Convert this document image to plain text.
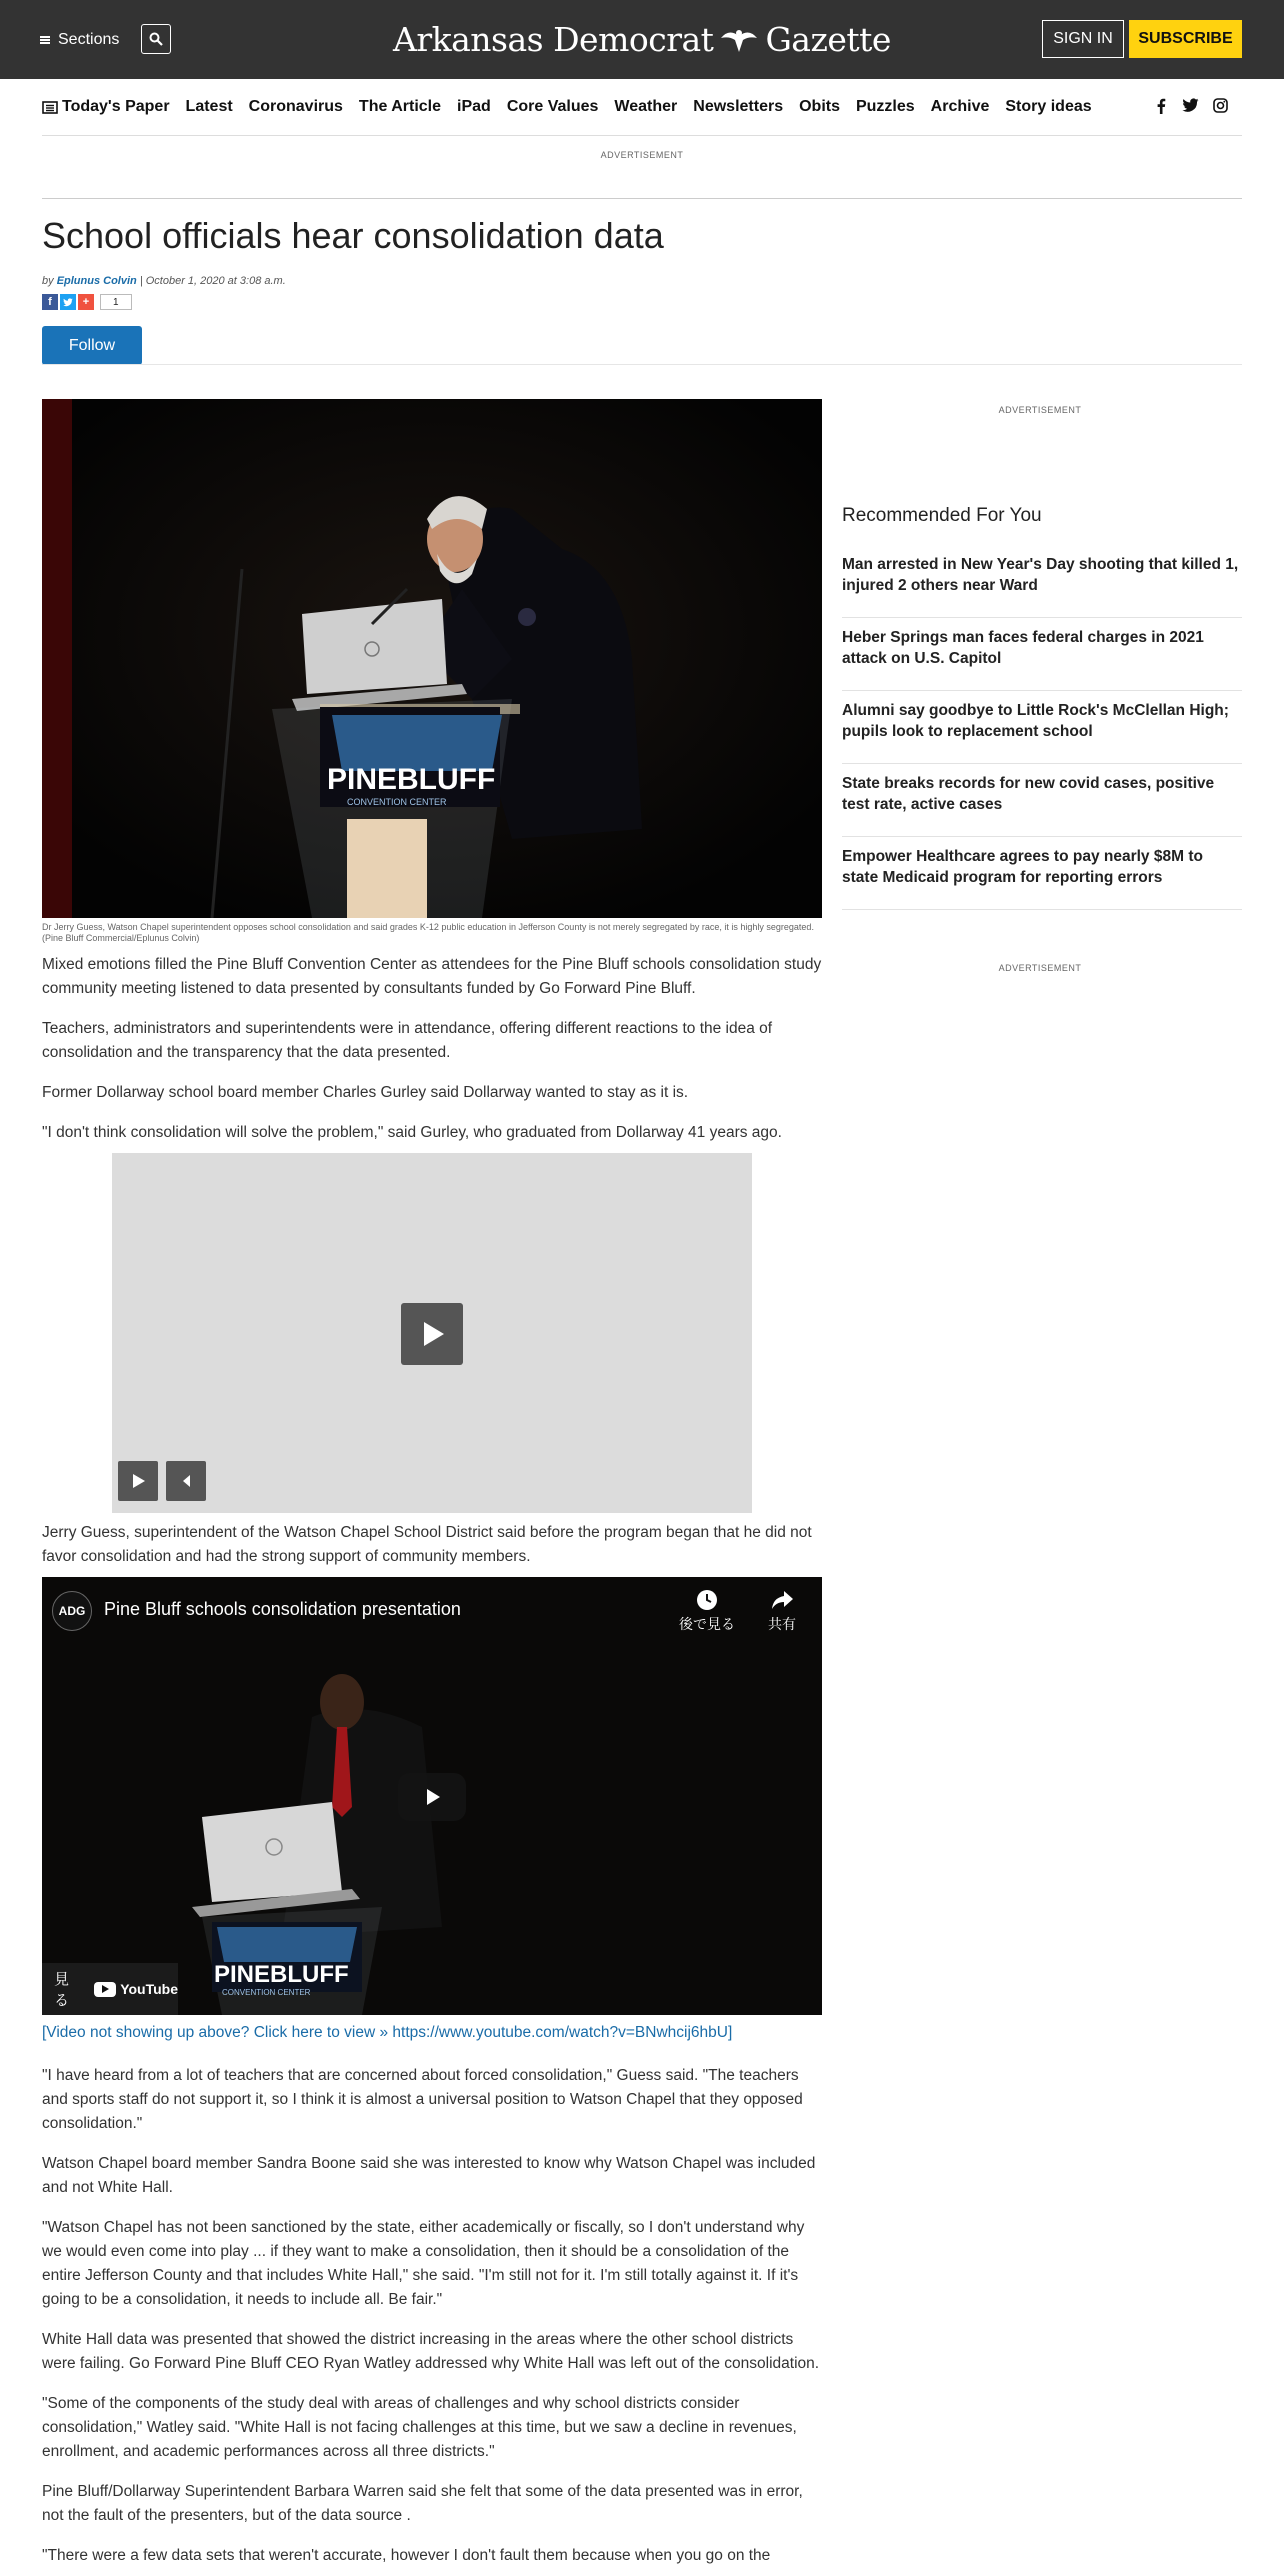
Sections	Arkansas Democrat Gazette	SIGN IN	SUBSCRIBE
Today's Paper Latest Coronavirus The Article iPad Core Values Weather Newsletters Obits Puzzles Archive Story ideas
ADVERTISEMENT
School officials hear consolidation data
by Eplunus Colvin | October 1, 2020 at 3:08 a.m.
f	+	1
Follow
PINEBLUFF
CONVENTION CENTER
Dr Jerry Guess, Watson Chapel superintendent opposes school consolidation and said grades K-12 public education in Jefferson County is not merely segregated by race, it is highly segregated. (Pine Bluff Commercial/Eplunus Colvin)

Mixed emotions filled the Pine Bluff Convention Center as attendees for the Pine Bluff schools consolidation study community meeting listened to data presented by consultants funded by Go Forward Pine Bluff.

Teachers, administrators and superintendents were in attendance, offering different reactions to the idea of consolidation and the transparency that the data presented.

Former Dollarway school board member Charles Gurley said Dollarway wanted to stay as it is.

"I don't think consolidation will solve the problem," said Gurley, who graduated from Dollarway 41 years ago.

Jerry Guess, superintendent of the Watson Chapel School District said before the program began that he did not favor consolidation and had the strong support of community members.

PINEBLUFF
CONVENTION CENTER
ADG	Pine Bluff schools consolidation presentation
後で見る	共有
見る
YouTube
[Video not showing up above? Click here to view » https://www.youtube.com/watch?v=BNwhcij6hbU]

"I have heard from a lot of teachers that are concerned about forced consolidation," Guess said. "The teachers and sports staff do not support it, so I think it is almost a universal position to Watson Chapel that they opposed consolidation."

Watson Chapel board member Sandra Boone said she was interested to know why Watson Chapel was included and not White Hall.

"Watson Chapel has not been sanctioned by the state, either academically or fiscally, so I don't understand why we would even come into play ... if they want to make a consolidation, then it should be a consolidation of the entire Jefferson County and that includes White Hall," she said. "I'm still not for it. I'm still totally against it. If it's going to be a consolidation, it needs to include all. Be fair."

White Hall data was presented that showed the district increasing in the areas where the other school districts were failing. Go Forward Pine Bluff CEO Ryan Watley addressed why White Hall was left out of the consolidation.

"Some of the components of the study deal with areas of challenges and why school districts consider consolidation," Watley said. "White Hall is not facing challenges at this time, but we saw a decline in revenues, enrollment, and academic performances across all three districts."

Pine Bluff/Dollarway Superintendent Barbara Warren said she felt that some of the data presented was in error, not the fault of the presenters, but of the data source .

"There were a few data sets that weren't accurate, however I don't fault them because when you go on the

ADVERTISEMENT
Recommended For You
Man arrested in New Year's Day shooting that killed 1, injured 2 others near Ward
Heber Springs man faces federal charges in 2021 attack on U.S. Capitol
Alumni say goodbye to Little Rock's McClellan High; pupils look to replacement school
State breaks records for new covid cases, positive test rate, active cases
Empower Healthcare agrees to pay nearly $8M to state Medicaid program for reporting errors
ADVERTISEMENT
